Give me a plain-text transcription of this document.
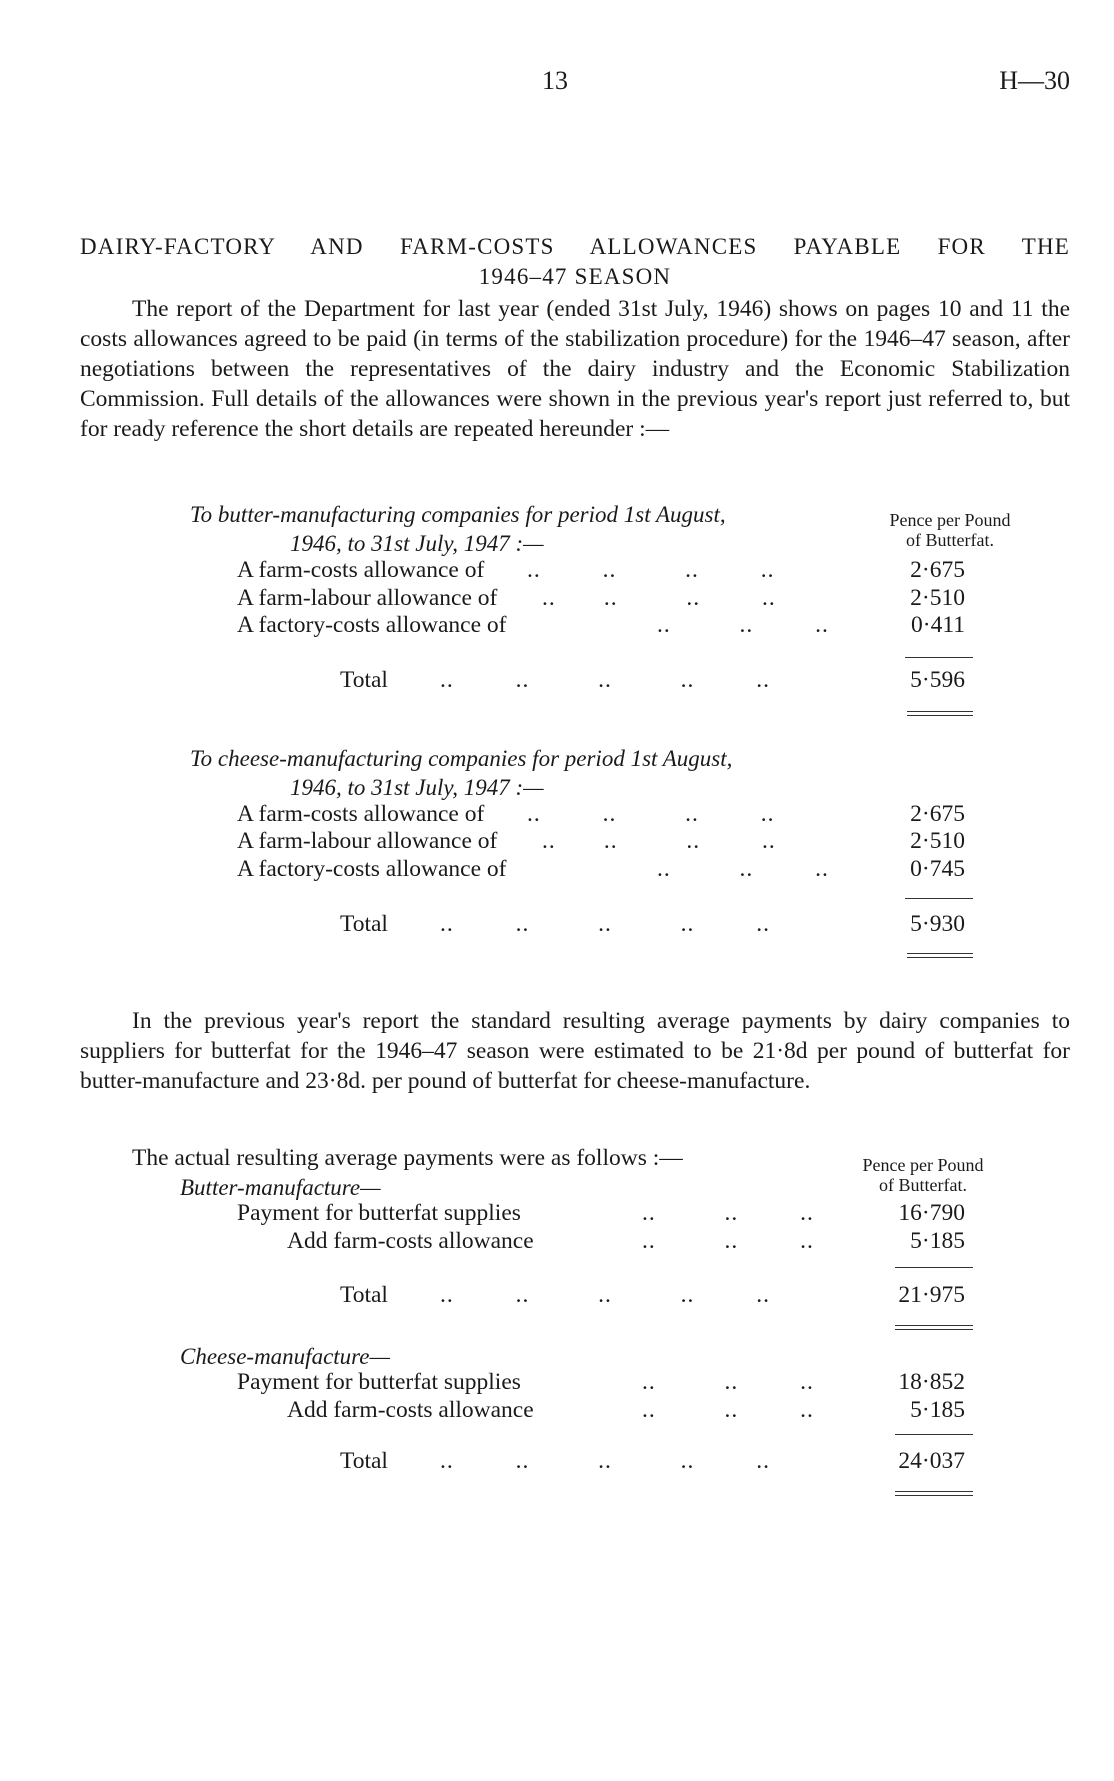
13	H—30
DAIRY-FACTORY AND FARM-COSTS ALLOWANCES PAYABLE FOR THE
1946–47 SEASON
The report of the Department for last year (ended 31st July, 1946) shows on pages 10 and 11 the costs allowances agreed to be paid (in terms of the stabilization procedure) for the 1946–47 season, after negotiations between the representatives of the dairy industry and the Economic Stabilization Commission. Full details of the allowances were shown in the previous year's report just referred to, but for ready reference the short details are repeated hereunder :—
To butter-manufacturing companies for period 1st August,
1946, to 31st July, 1947 :—
Pence per Pound
of Butterfat.
A farm-costs allowance of ..         ..          ..         ..	2·675
A farm-labour allowance of ..       ..          ..         ..	2·510
A factory-costs allowance of	..          ..         ..	0·411
Total ..         ..          ..          ..         ..	5·596
To cheese-manufacturing companies for period 1st August,
1946, to 31st July, 1947 :—
A farm-costs allowance of ..         ..          ..         ..	2·675
A farm-labour allowance of ..       ..          ..         ..	2·510
A factory-costs allowance of	..          ..         ..	0·745
Total ..         ..          ..          ..         ..	5·930
In the previous year's report the standard resulting average payments by dairy companies to suppliers for butterfat for the 1946–47 season were estimated to be 21·8d per pound of butterfat for butter-manufacture and 23·8d. per pound of butterfat for cheese-manufacture.
The actual resulting average payments were as follows :—	Pence per Pound
of Butterfat.
Butter-manufacture—
Payment for butterfat supplies	..          ..         ..	16·790
Add farm-costs allowance	..          ..         ..	5·185
Total ..         ..          ..          ..         ..	21·975
Cheese-manufacture—
Payment for butterfat supplies	..          ..         ..	18·852
Add farm-costs allowance	..          ..         ..	5·185
Total ..         ..          ..          ..         ..	24·037
